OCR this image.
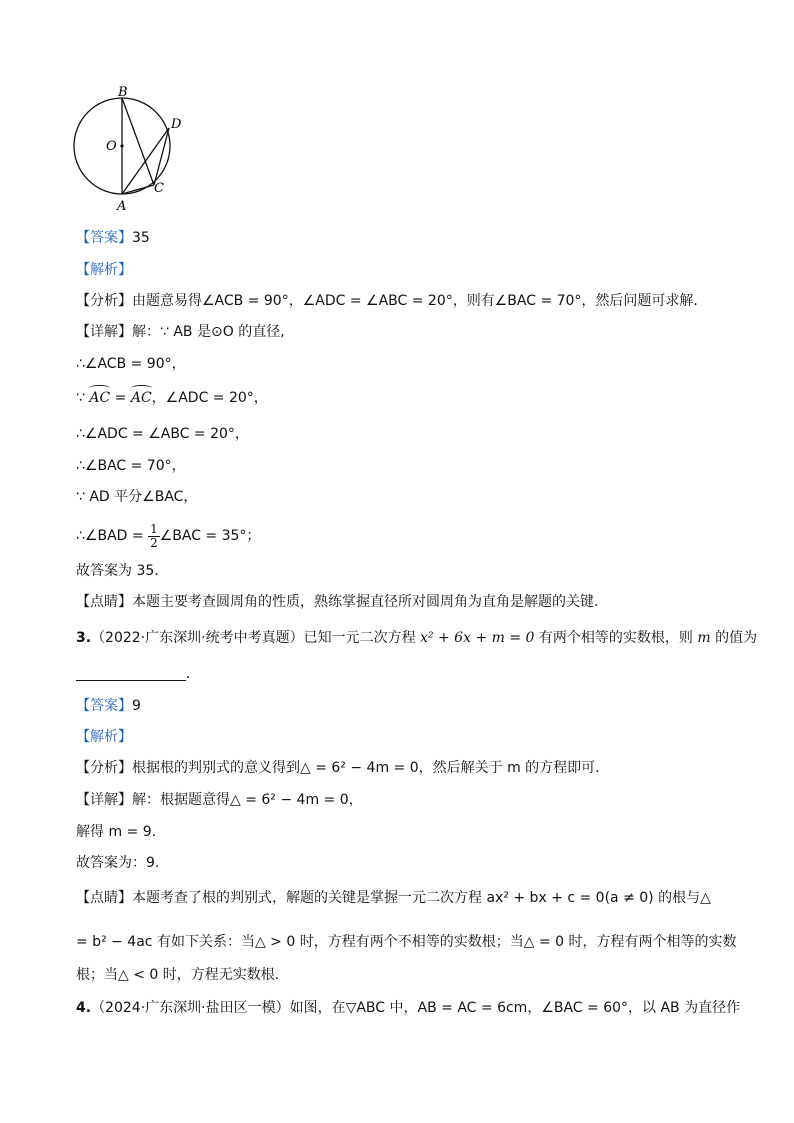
B
O
D
C
A
【答案】35
【解析】
【分析】由题意易得∠ACB = 90°，∠ADC = ∠ABC = 20°，则有∠BAC = 70°，然后问题可求解．
【详解】解：∵ AB 是⊙O 的直径,
∴∠ACB = 90°，
∵ AC = AC，∠ADC = 20°，
∴∠ADC = ∠ABC = 20°，
∴∠BAC = 70°，
∵ AD 平分∠BAC，
∴∠BAD = $\frac{1}{2}$ ∠BAC = 35°；
故答案为 35．
【点睛】本题主要考查圆周角的性质，熟练掌握直径所对圆周角为直角是解题的关键．
3.（2022·广东深圳·统考中考真题）已知一元二次方程 x² + 6x + m = 0 有两个相等的实数根，则 m 的值为
．
【答案】9
【解析】
【分析】根据根的判别式的意义得到△ = 6² − 4m = 0，然后解关于 m 的方程即可．
【详解】解：根据题意得△ = 6² − 4m = 0，
解得 m = 9．
故答案为：9．
【点睛】本题考查了根的判别式，解题的关键是掌握一元二次方程 ax² + bx + c = 0(a ≠ 0) 的根与△
= b² − 4ac 有如下关系：当△ > 0 时，方程有两个不相等的实数根；当△ = 0 时，方程有两个相等的实数
根；当△ < 0 时，方程无实数根．
4.（2024·广东深圳·盐田区一模）如图，在▽ABC 中，AB = AC = 6cm，∠BAC = 60°，以 AB 为直径作
